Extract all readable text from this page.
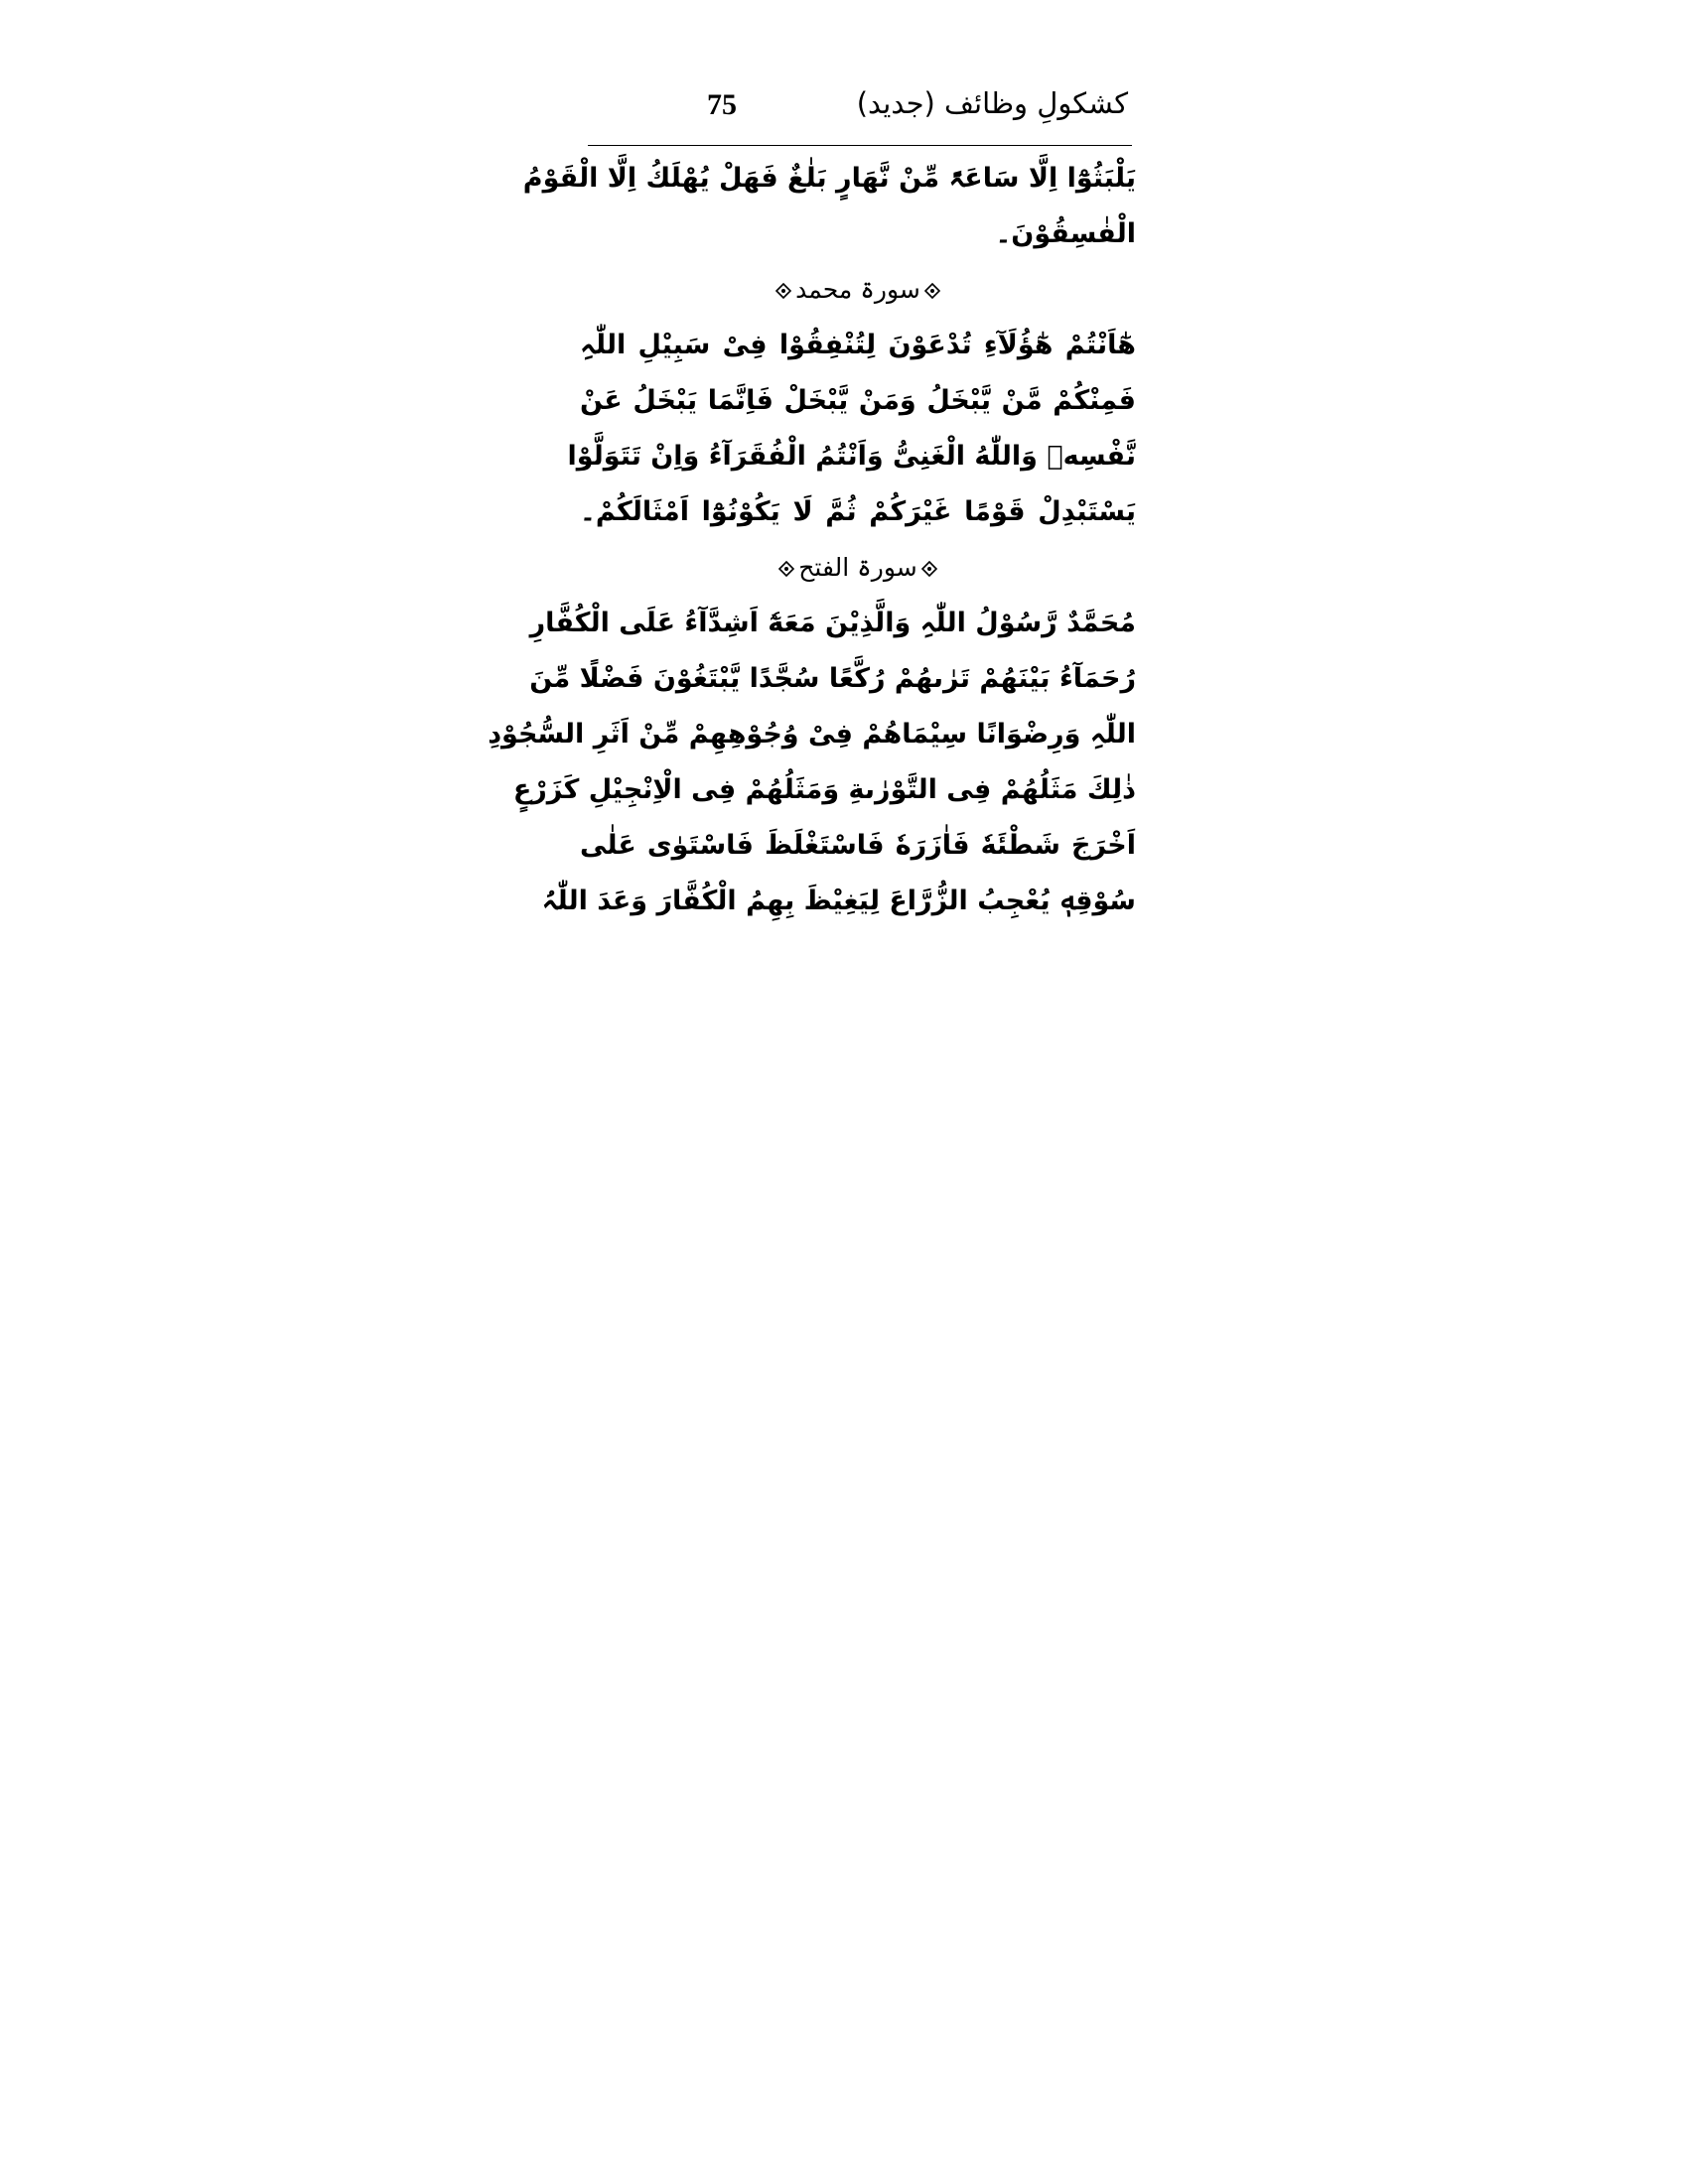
75	کشکولِ وظائف (جدید)
یَلْبَثُوْٓا اِلَّا سَاعَۃً مِّنْ نَّھَارٍ بَلٰغٌ فَھَلْ یُھْلَكُ اِلَّا الْقَوْمُ
الْفٰسِقُوْنَ۔
سورۃ محمد
ھٰٓاَنْتُمْ ھٰٓؤُلَآءِ تُدْعَوْنَ لِتُنْفِقُوْا فِیْ سَبِیْلِ اللّٰہِ
فَمِنْكُمْ مَّنْ یَّبْخَلُ وَمَنْ یَّبْخَلْ فَاِنَّمَا یَبْخَلُ عَنْ
نَّفْسِهٖ وَاللّٰهُ الْغَنِیُّ وَاَنْتُمُ الْفُقَرَآءُ وَاِنْ تَتَوَلَّوْا
یَسْتَبْدِلْ قَوْمًا غَیْرَكُمْ ثُمَّ لَا یَكُوْنُوْٓا اَمْثَالَكُمْ۔
سورۃ الفتح
مُحَمَّدٌ رَّسُوْلُ اللّٰہِ وَالَّذِیْنَ مَعَهٗٓ اَشِدَّآءُ عَلَی الْكُفَّارِ
رُحَمَآءُ بَیْنَھُمْ تَرٰىھُمْ رُكَّعًا سُجَّدًا یَّبْتَغُوْنَ فَضْلًا مِّنَ
اللّٰہِ وَرِضْوَانًا سِیْمَاھُمْ فِیْ وُجُوْھِھِمْ مِّنْ اَثَرِ السُّجُوْدِ
ذٰلِكَ مَثَلُھُمْ فِی التَّوْرٰىةِ وَمَثَلُھُمْ فِی الْاِنْجِیْلِ كَزَرْعٍ
اَخْرَجَ شَطْئَهٗ فَاٰزَرَهٗ فَاسْتَغْلَظَ فَاسْتَوٰى عَلٰى
سُوْقِهٖ یُعْجِبُ الزُّرَّاعَ لِیَغِیْظَ بِھِمُ الْكُفَّارَ وَعَدَ اللّٰہُ
